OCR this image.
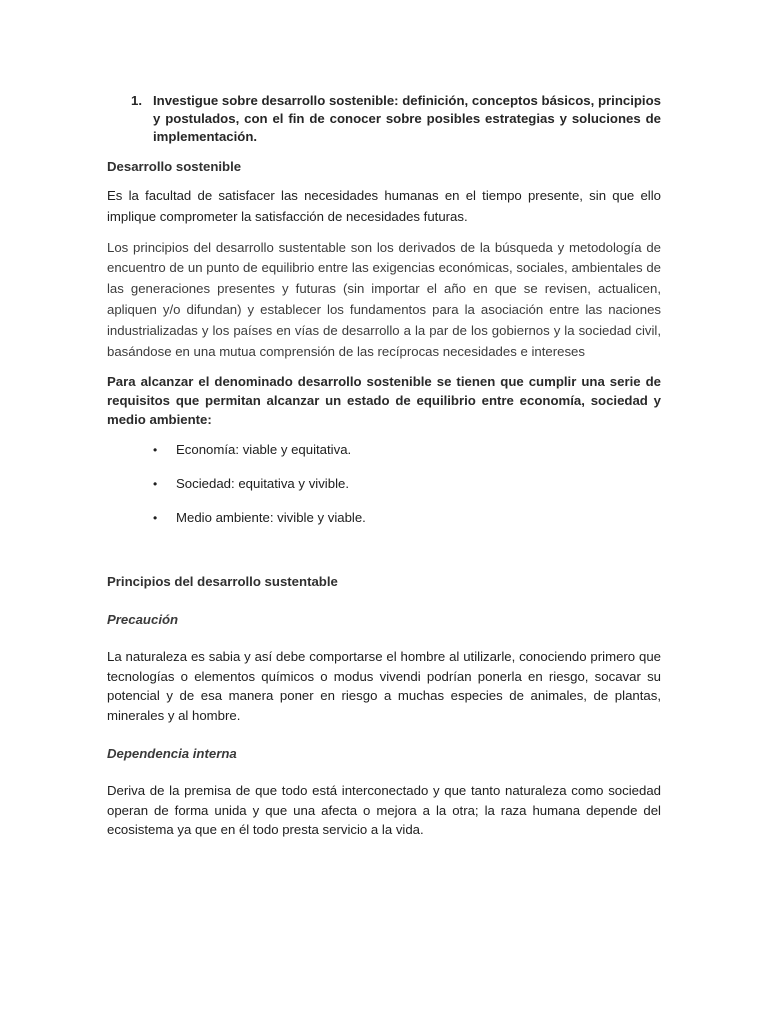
1. Investigue sobre desarrollo sostenible: definición, conceptos básicos, principios y postulados, con el fin de conocer sobre posibles estrategias y soluciones de implementación.
Desarrollo sostenible
Es la facultad de satisfacer las necesidades humanas en el tiempo presente, sin que ello implique comprometer la satisfacción de necesidades futuras.
Los principios del desarrollo sustentable son los derivados de la búsqueda y metodología de encuentro de un punto de equilibrio entre las exigencias económicas, sociales, ambientales de las generaciones presentes y futuras (sin importar el año en que se revisen, actualicen, apliquen y/o difundan) y establecer los fundamentos para la asociación entre las naciones industrializadas y los países en vías de desarrollo a la par de los gobiernos y la sociedad civil, basándose en una mutua comprensión de las recíprocas necesidades e intereses
Para alcanzar el denominado desarrollo sostenible se tienen que cumplir una serie de requisitos que permitan alcanzar un estado de equilibrio entre economía, sociedad y medio ambiente:
• Economía: viable y equitativa.
• Sociedad: equitativa y vivible.
• Medio ambiente: vivible y viable.
Principios del desarrollo sustentable
Precaución
La naturaleza es sabia y así debe comportarse el hombre al utilizarle, conociendo primero que tecnologías o elementos químicos o modus vivendi podrían ponerla en riesgo, socavar su potencial y de esa manera poner en riesgo a muchas especies de animales, de plantas, minerales y al hombre.
Dependencia interna
Deriva de la premisa de que todo está interconectado y que tanto naturaleza como sociedad operan de forma unida y que una afecta o mejora a la otra; la raza humana depende del ecosistema ya que en él todo presta servicio a la vida.
